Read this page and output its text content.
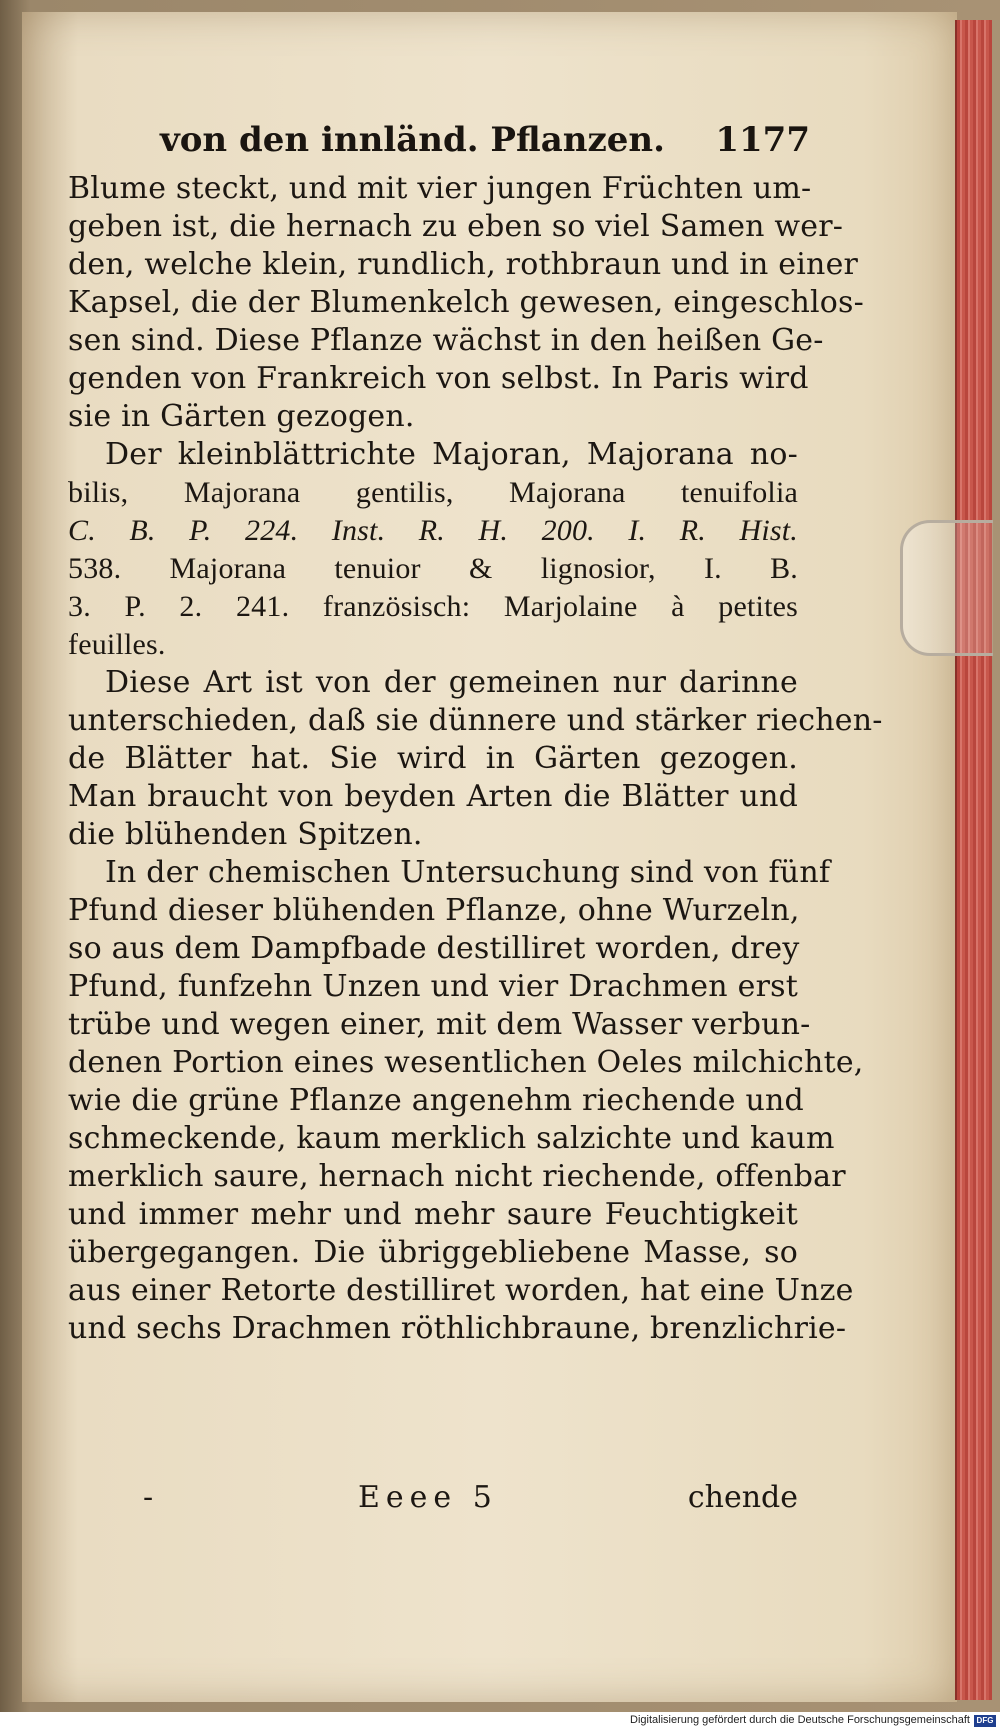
von den innländ. Pflanzen. 1177

Blume steckt, und mit vier jungen Früchten um-

geben ist, die hernach zu eben so viel Samen wer-

den, welche klein, rundlich, rothbraun und in einer

Kapsel, die der Blumenkelch gewesen, eingeschlos-

sen sind. Diese Pflanze wächst in den heißen Ge-

genden von Frankreich von selbst. In Paris wird

sie in Gärten gezogen.

Der kleinblättrichte Majoran, Majorana no-

bilis, Majorana gentilis, Majorana tenuifolia

C. B. P. 224. Inst. R. H. 200. I. R. Hist.

538. Majorana tenuior & lignosior, I. B.

3. P. 2. 241. französisch: Marjolaine à petites

feuilles.

Diese Art ist von der gemeinen nur darinne

unterschieden, daß sie dünnere und stärker riechen-

de Blätter hat. Sie wird in Gärten gezogen.

Man braucht von beyden Arten die Blätter und

die blühenden Spitzen.

In der chemischen Untersuchung sind von fünf

Pfund dieser blühenden Pflanze, ohne Wurzeln,

so aus dem Dampfbade destilliret worden, drey

Pfund, funfzehn Unzen und vier Drachmen erst

trübe und wegen einer, mit dem Wasser verbun-

denen Portion eines wesentlichen Oeles milchichte,

wie die grüne Pflanze angenehm riechende und

schmeckende, kaum merklich salzichte und kaum

merklich saure, hernach nicht riechende, offenbar

und immer mehr und mehr saure Feuchtigkeit

übergegangen. Die übriggebliebene Masse, so

aus einer Retorte destilliret worden, hat eine Unze

und sechs Drachmen röthlichbraune, brenzlichrie-

-	Eeee 5	chende
Digitalisierung gefördert durch die Deutsche Forschungsgemeinschaft DFG
